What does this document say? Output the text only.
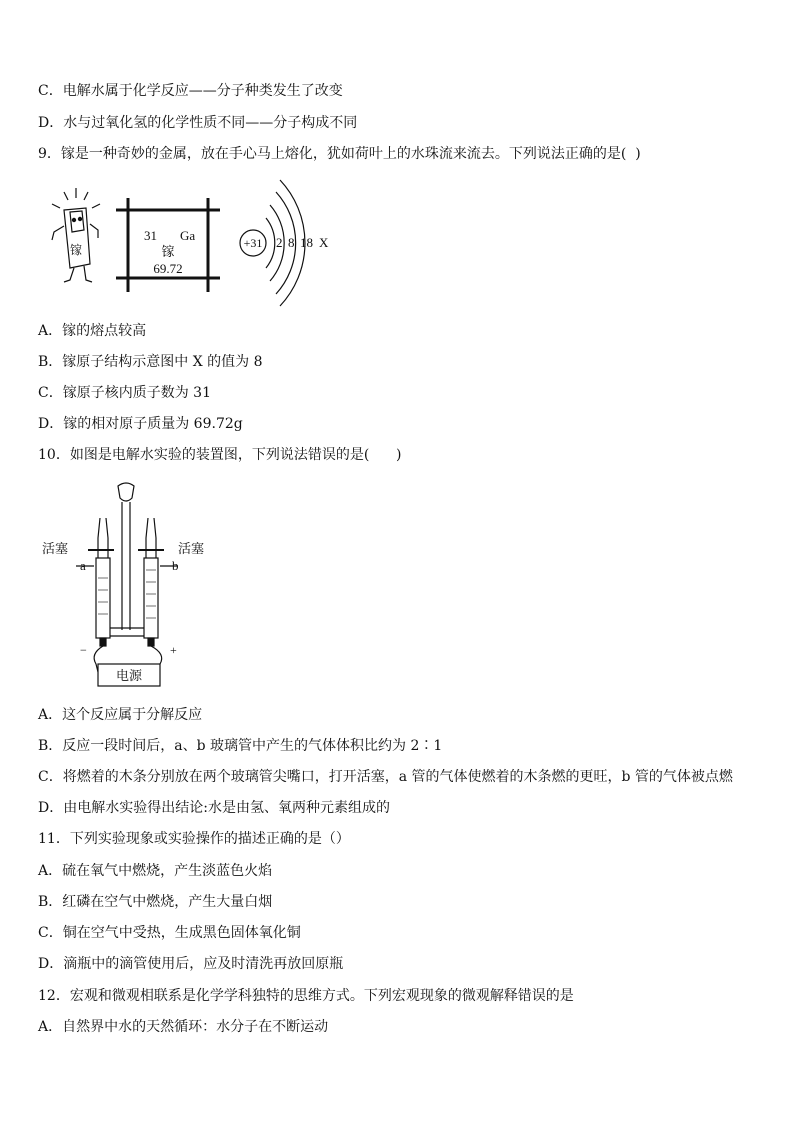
C．电解水属于化学反应——分子种类发生了改变
D．水与过氧化氢的化学性质不同——分子构成不同
9．镓是一种奇妙的金属，放在手心马上熔化，犹如荷叶上的水珠流来流去。下列说法正确的是(  )
镓
31 Ga
镓
69.72
+31 2 8 18 X
A．镓的熔点较高
B．镓原子结构示意图中 X 的值为 8
C．镓原子核内质子数为 31
D．镓的相对原子质量为 69.72g
10．如图是电解水实验的装置图，下列说法错误的是(      )
活塞	活塞
a	b
−	+
电源
A．这个反应属于分解反应
B．反应一段时间后，a、b 玻璃管中产生的气体体积比约为 2∶1
C．将燃着的木条分别放在两个玻璃管尖嘴口，打开活塞，a 管的气体使燃着的木条燃的更旺，b 管的气体被点燃
D．由电解水实验得出结论:水是由氢、氧两种元素组成的
11．下列实验现象或实验操作的描述正确的是（）
A．硫在氧气中燃烧，产生淡蓝色火焰
B．红磷在空气中燃烧，产生大量白烟
C．铜在空气中受热，生成黑色固体氧化铜
D．滴瓶中的滴管使用后，应及时清洗再放回原瓶
12．宏观和微观相联系是化学学科独特的思维方式。下列宏观现象的微观解释错误的是
A．自然界中水的天然循环：水分子在不断运动
